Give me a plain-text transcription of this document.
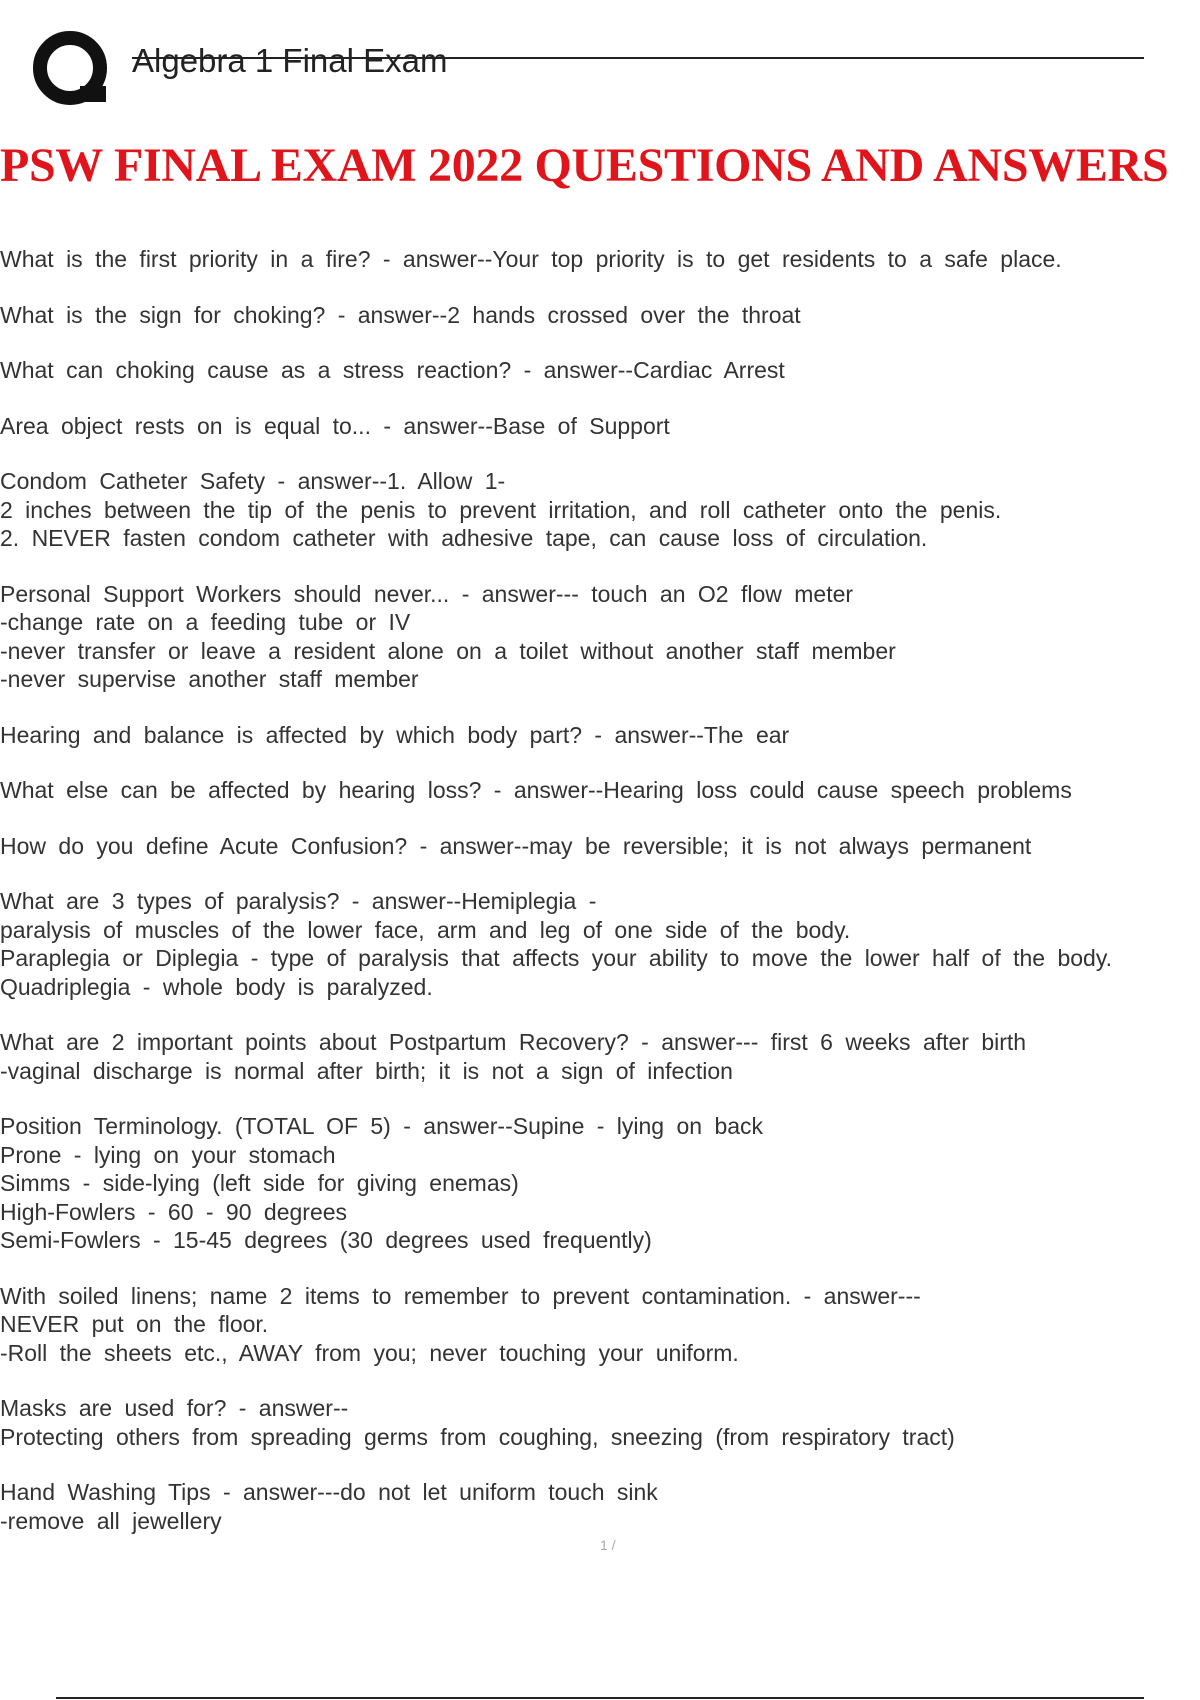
Algebra 1 Final Exam
PSW FINAL EXAM 2022 QUESTIONS AND ANSWERS

What is the first priority in a fire? - answer--Your top priority is to get residents to a safe place.

What is the sign for choking? - answer--2 hands crossed over the throat

What can choking cause as a stress reaction? - answer--Cardiac Arrest

Area object rests on is equal to... - answer--Base of Support

Condom Catheter Safety - answer--1. Allow 1-
2 inches between the tip of the penis to prevent irritation, and roll catheter onto the penis.
2. NEVER fasten condom catheter with adhesive tape, can cause loss of circulation.

Personal Support Workers should never... - answer--- touch an O2 flow meter
-change rate on a feeding tube or IV
-never transfer or leave a resident alone on a toilet without another staff member
-never supervise another staff member

Hearing and balance is affected by which body part? - answer--The ear

What else can be affected by hearing loss? - answer--Hearing loss could cause speech problems

How do you define Acute Confusion? - answer--may be reversible; it is not always permanent

What are 3 types of paralysis? - answer--Hemiplegia -
paralysis of muscles of the lower face, arm and leg of one side of the body.
Paraplegia or Diplegia - type of paralysis that affects your ability to move the lower half of the body.
Quadriplegia - whole body is paralyzed.

What are 2 important points about Postpartum Recovery? - answer--- first 6 weeks after birth
-vaginal discharge is normal after birth; it is not a sign of infection

Position Terminology. (TOTAL OF 5) - answer--Supine - lying on back
Prone - lying on your stomach
Simms - side-lying (left side for giving enemas)
High-Fowlers - 60 - 90 degrees
Semi-Fowlers - 15-45 degrees (30 degrees used frequently)

With soiled linens; name 2 items to remember to prevent contamination. - answer---
NEVER put on the floor.
-Roll the sheets etc., AWAY from you; never touching your uniform.

Masks are used for? - answer--
Protecting others from spreading germs from coughing, sneezing (from respiratory tract)

Hand Washing Tips - answer---do not let uniform touch sink
-remove all jewellery

1 /
